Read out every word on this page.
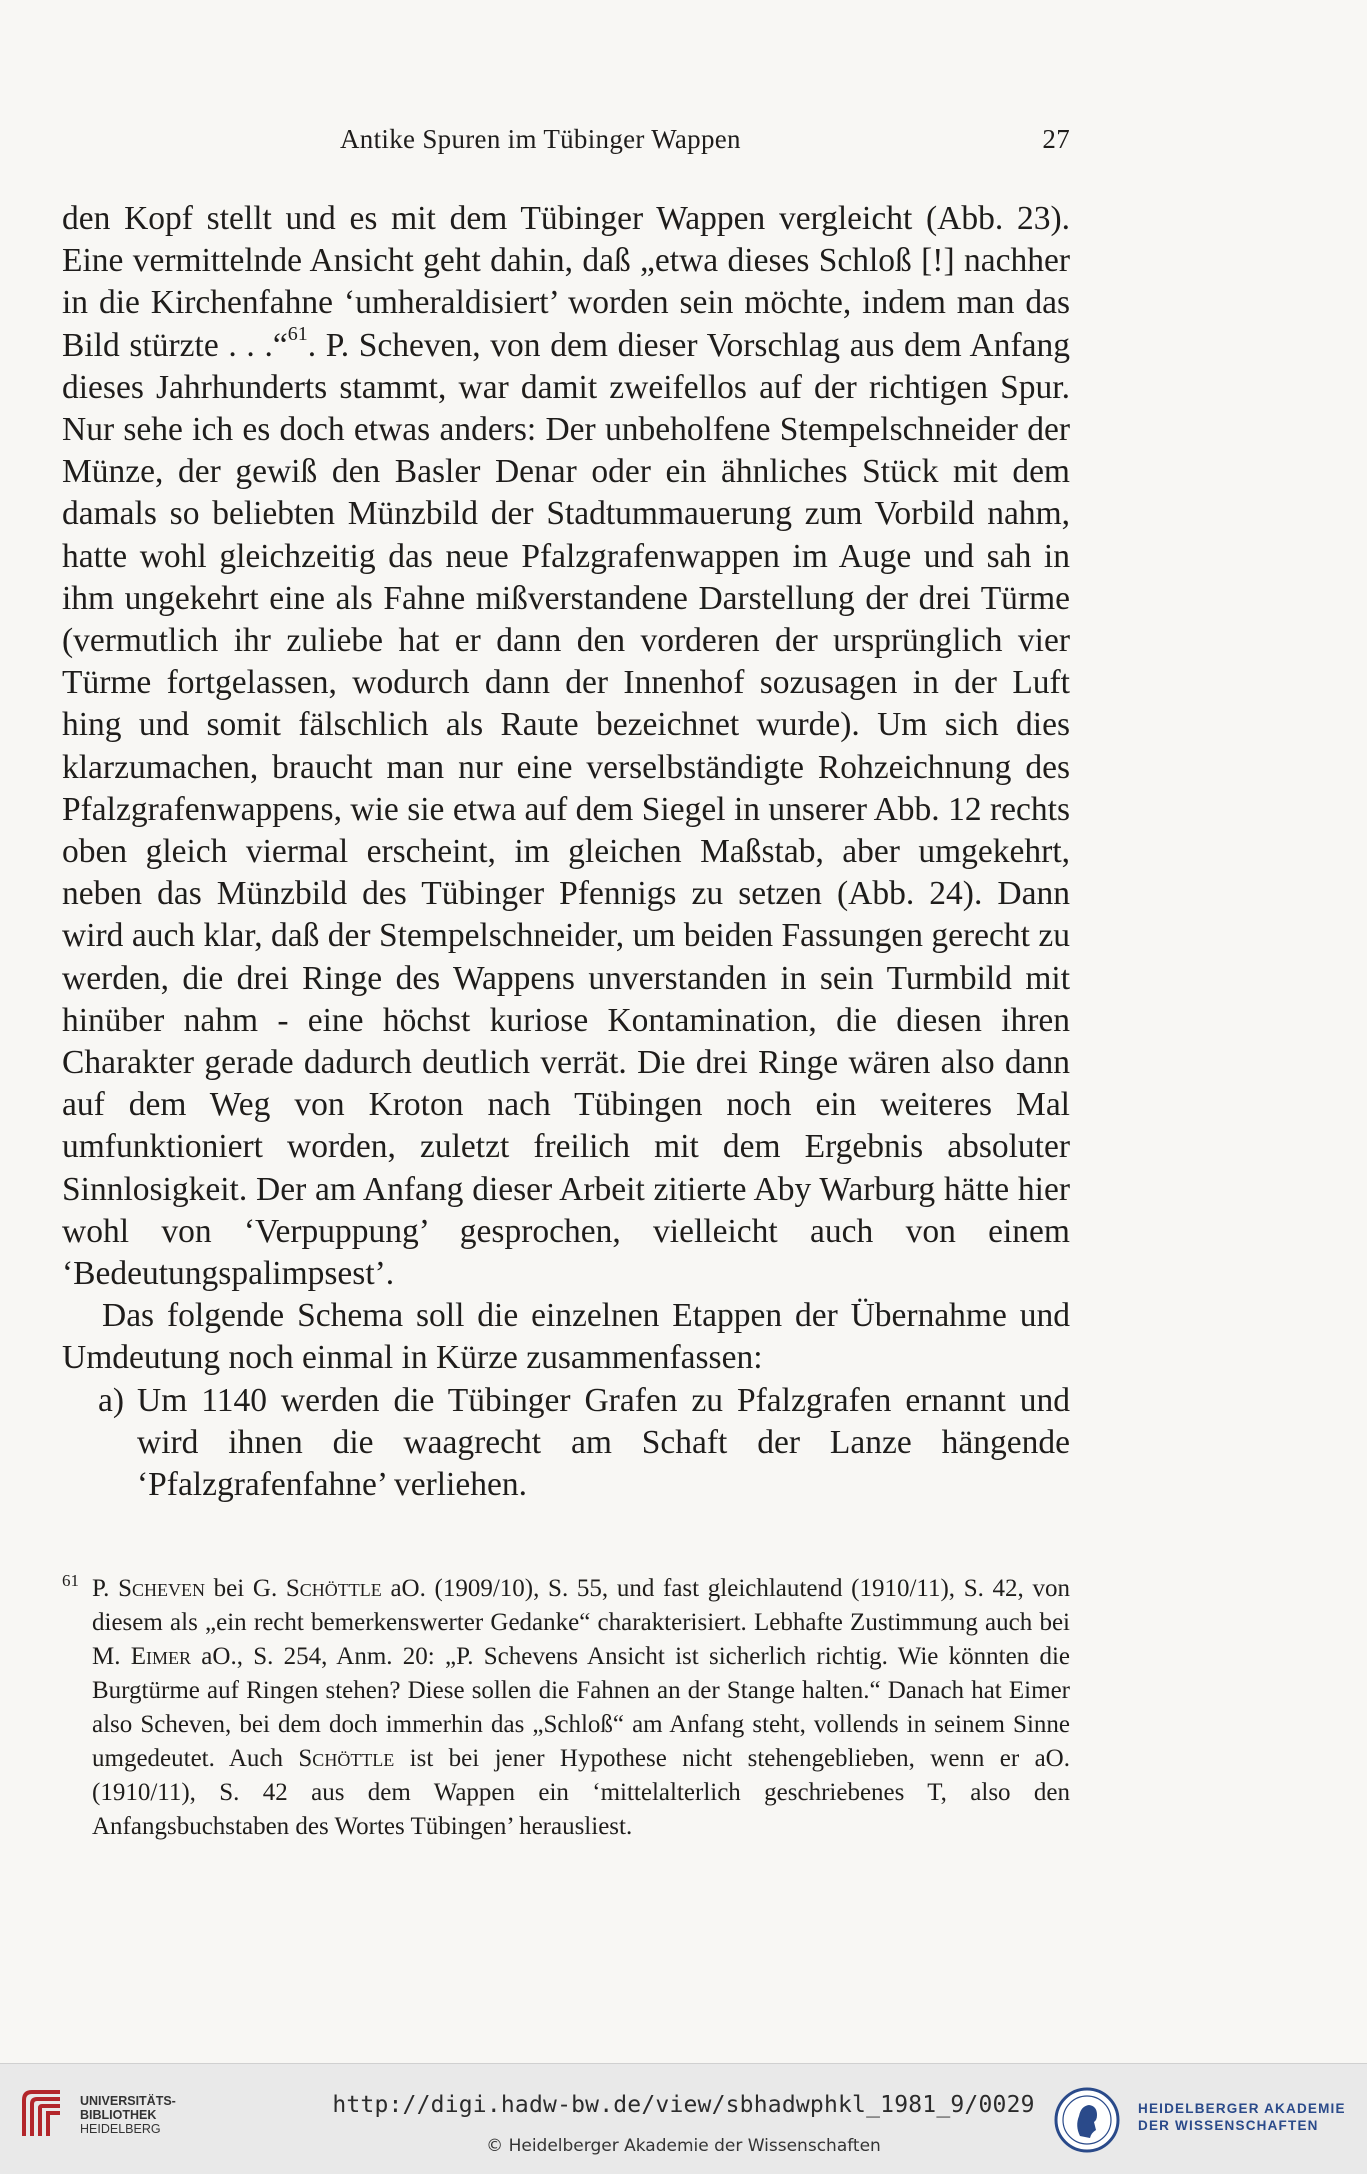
Antike Spuren im Tübinger Wappen	27

den Kopf stellt und es mit dem Tübinger Wappen vergleicht (Abb. 23). Eine vermittelnde Ansicht geht dahin, daß „etwa dieses Schloß [!] nachher in die Kirchenfahne ‘umheraldisiert’ worden sein möchte, indem man das Bild stürzte . . .“$^{61}$. P. Scheven, von dem dieser Vorschlag aus dem Anfang dieses Jahrhunderts stammt, war damit zweifellos auf der richtigen Spur. Nur sehe ich es doch etwas anders: Der unbeholfene Stempelschneider der Münze, der gewiß den Basler Denar oder ein ähnliches Stück mit dem damals so beliebten Münzbild der Stadtummauerung zum Vorbild nahm, hatte wohl gleichzeitig das neue Pfalzgrafenwappen im Auge und sah in ihm ungekehrt eine als Fahne mißverstandene Darstellung der drei Türme (vermutlich ihr zuliebe hat er dann den vorderen der ursprünglich vier Türme fortgelassen, wodurch dann der Innenhof sozusagen in der Luft hing und somit fälschlich als Raute bezeichnet wurde). Um sich dies klarzumachen, braucht man nur eine verselbständigte Rohzeichnung des Pfalzgrafenwappens, wie sie etwa auf dem Siegel in unserer Abb. 12 rechts oben gleich viermal erscheint, im gleichen Maßstab, aber umgekehrt, neben das Münzbild des Tübinger Pfennigs zu setzen (Abb. 24). Dann wird auch klar, daß der Stempelschneider, um beiden Fassungen gerecht zu werden, die drei Ringe des Wappens unverstanden in sein Turmbild mit hinüber nahm - eine höchst kuriose Kontamination, die diesen ihren Charakter gerade dadurch deutlich verrät. Die drei Ringe wären also dann auf dem Weg von Kroton nach Tübingen noch ein weiteres Mal umfunktioniert worden, zuletzt freilich mit dem Ergebnis absoluter Sinnlosigkeit. Der am Anfang dieser Arbeit zitierte Aby Warburg hätte hier wohl von ‘Verpuppung’ gesprochen, vielleicht auch von einem ‘Bedeutungspalimpsest’.

Das folgende Schema soll die einzelnen Etappen der Übernahme und Umdeutung noch einmal in Kürze zusammenfassen:

a) Um 1140 werden die Tübinger Grafen zu Pfalzgrafen ernannt und wird ihnen die waagrecht am Schaft der Lanze hängende ‘Pfalzgrafenfahne’ verliehen.

61 P. Scheven bei G. Schöttle aO. (1909/10), S. 55, und fast gleichlautend (1910/11), S. 42, von diesem als „ein recht bemerkenswerter Gedanke“ charakterisiert. Lebhafte Zustimmung auch bei M. Eimer aO., S. 254, Anm. 20: „P. Schevens Ansicht ist sicherlich richtig. Wie könnten die Burgtürme auf Ringen stehen? Diese sollen die Fahnen an der Stange halten.“ Danach hat Eimer also Scheven, bei dem doch immerhin das „Schloß“ am Anfang steht, vollends in seinem Sinne umgedeutet. Auch Schöttle ist bei jener Hypothese nicht stehengeblieben, wenn er aO. (1910/11), S. 42 aus dem Wappen ein ‘mittelalterlich geschriebenes T, also den Anfangsbuchstaben des Wortes Tübingen’ herausliest.

UNIVERSITÄTS-
BIBLIOTHEK
HEIDELBERG
http://digi.hadw-bw.de/view/sbhadwphkl_1981_9/0029
© Heidelberger Akademie der Wissenschaften
HEIDELBERGER AKADEMIE
DER WISSENSCHAFTEN
